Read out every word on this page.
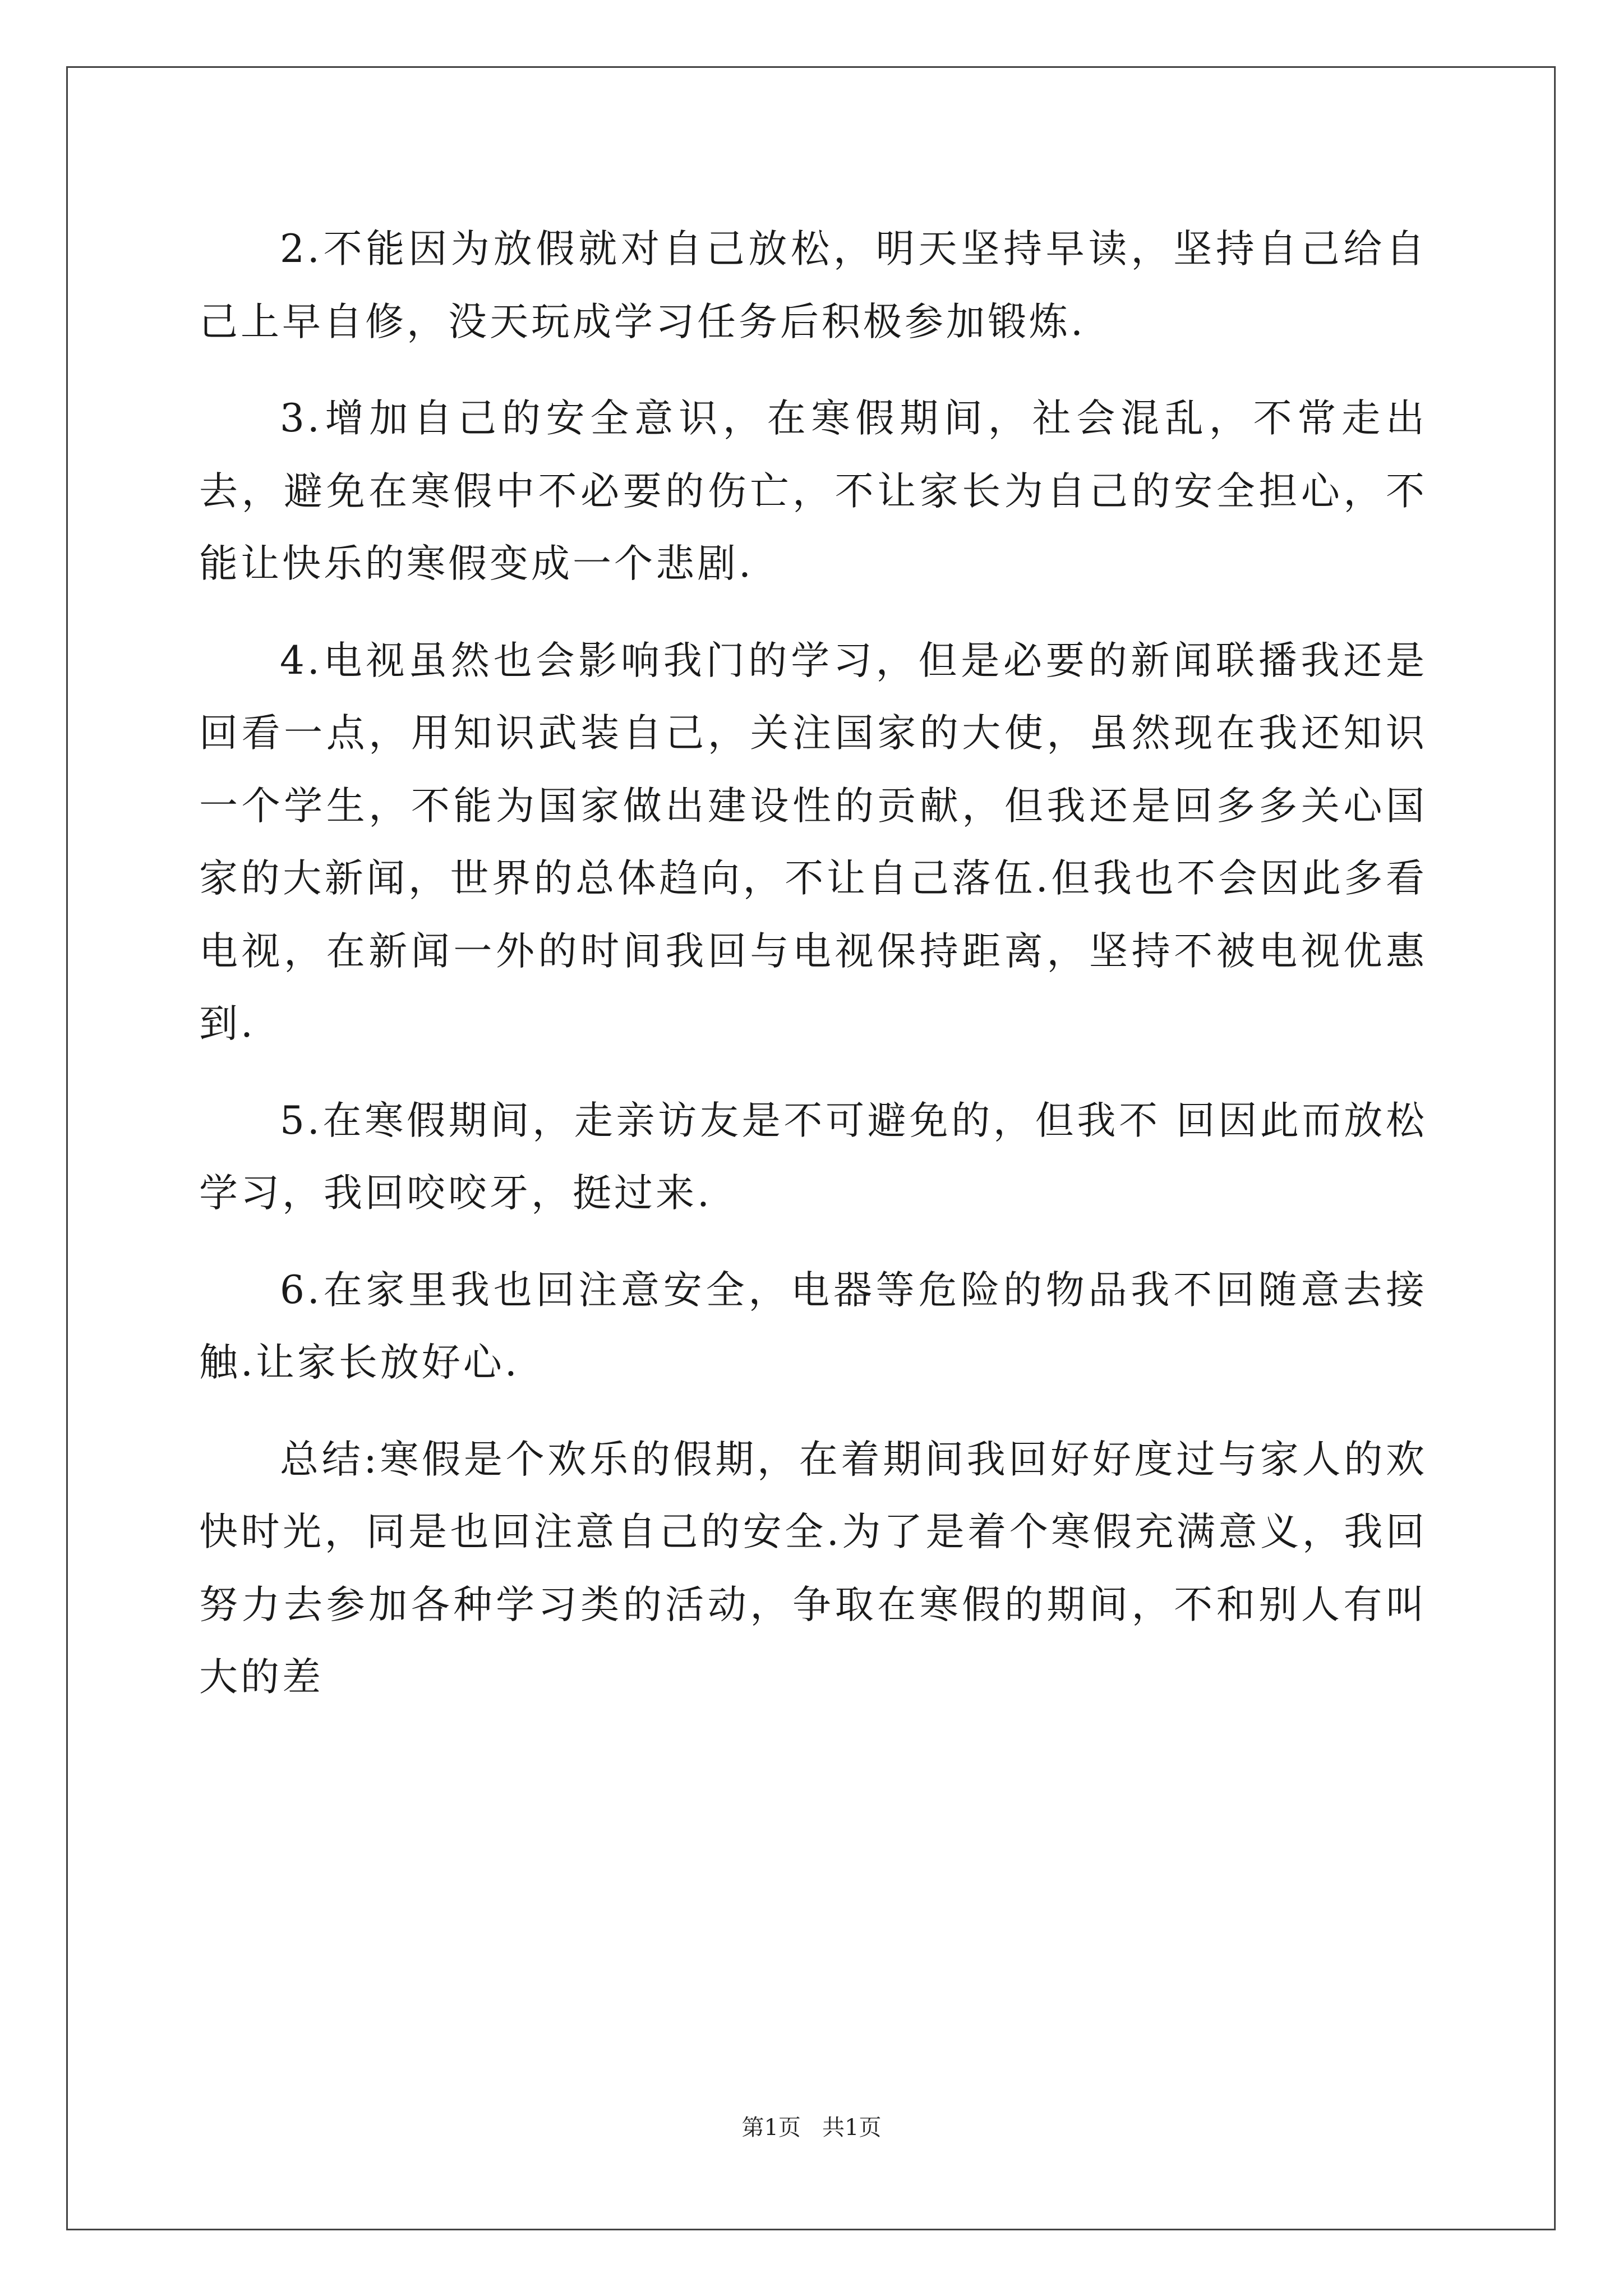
2.不能因为放假就对自己放松，明天坚持早读，坚持自己给自己上早自修，没天玩成学习任务后积极参加锻炼.

3.增加自己的安全意识，在寒假期间，社会混乱，不常走出去，避免在寒假中不必要的伤亡，不让家长为自己的安全担心，不能让快乐的寒假变成一个悲剧.

4.电视虽然也会影响我门的学习，但是必要的新闻联播我还是回看一点，用知识武装自己，关注国家的大使，虽然现在我还知识一个学生，不能为国家做出建设性的贡献，但我还是回多多关心国家的大新闻，世界的总体趋向，不让自己落伍.但我也不会因此多看电视，在新闻一外的时间我回与电视保持距离，坚持不被电视优惠到.

5.在寒假期间，走亲访友是不可避免的，但我不 回因此而放松学习，我回咬咬牙，挺过来.

6.在家里我也回注意安全，电器等危险的物品我不回随意去接触.让家长放好心.

总结:寒假是个欢乐的假期，在着期间我回好好度过与家人的欢快时光，同是也回注意自己的安全.为了是着个寒假充满意义，我回努力去参加各种学习类的活动，争取在寒假的期间，不和别人有叫大的差

第1页   共1页
